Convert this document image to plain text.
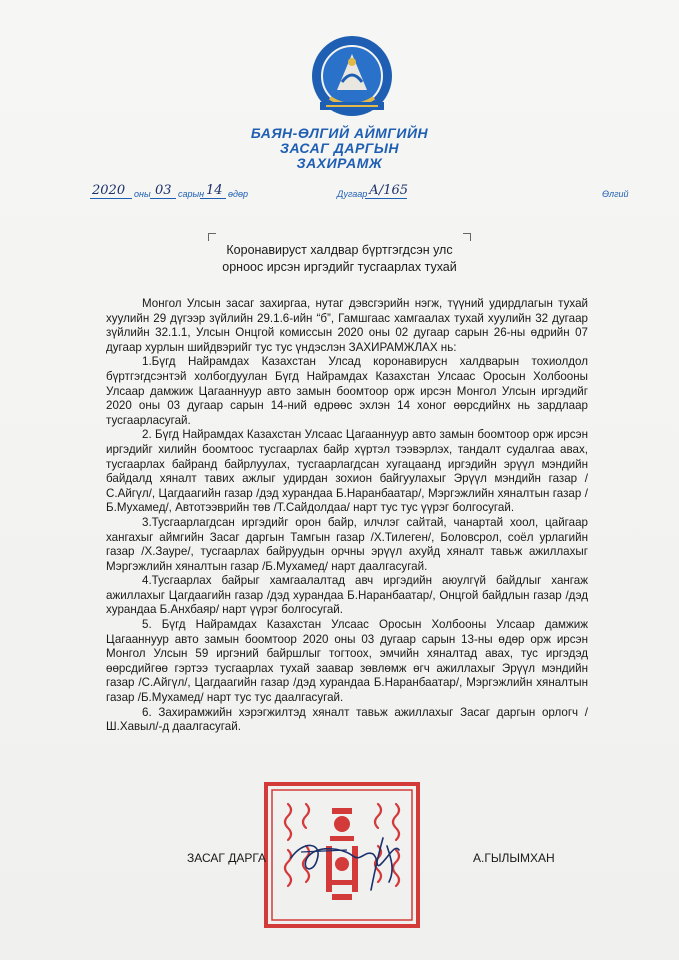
БАЯН-ӨЛГИЙ АЙМГИЙН
ЗАСАГ ДАРГЫН
ЗАХИРАМЖ
2020 оны 03 сарын 14 өдөр	Дугаар А/165	Өлгий
Коронавируст халдвар бүртгэгдсэн улс
орноос ирсэн иргэдийг тусгаарлах тухай

Монгол Улсын засаг захиргаа, нутаг дэвсгэрийн нэгж, түүний удирдлагын тухай хуулийн 29 дүгээр зүйлийн 29.1.6-ийн “б”, Гамшгаас хамгаалах тухай хуулийн 32 дугаар зүйлийн 32.1.1, Улсын Онцгой комиссын 2020 оны 02 дугаар сарын 26-ны өдрийн 07 дугаар хурлын шийдвэрийг тус тус үндэслэн ЗАХИРАМЖЛАХ нь:

1.Бүгд Найрамдах Казахстан Улсад коронавирусн халдварын тохиолдол бүртгэгдсэнтэй холбогдуулан Бүгд Найрамдах Казахстан Улсаас Оросын Холбооны Улсаар дамжиж Цагааннуур авто замын боомтоор орж ирсэн Монгол Улсын иргэдийг 2020 оны 03 дугаар сарын 14-ний өдрөөс эхлэн 14 хоног өөрсдийнх нь зардлаар тусгаарласугай.

2. Бүгд Найрамдах Казахстан Улсаас Цагааннуур авто замын боомтоор орж ирсэн иргэдийг хилийн боомтоос тусгаарлах байр хүртэл тээвэрлэх, тандалт судалгаа авах, тусгаарлах байранд байрлуулах, тусгаарлагдсан хугацаанд иргэдийн эрүүл мэндийн байдалд хяналт тавих ажлыг удирдан зохион байгуулахыг Эрүүл мэндийн газар /С.Айгүл/, Цагдаагийн газар /дэд хурандаа Б.Наранбаатар/, Мэргэжлийн хяналтын газар /Б.Мухамед/, Автотээврийн төв /Т.Сайдолдаа/ нарт тус тус үүрэг болгосугай.

3.Тусгаарлагдсан иргэдийг орон байр, илчлэг сайтай, чанартай хоол, цайгаар хангахыг аймгийн Засаг даргын Тамгын газар /Х.Тилеген/, Боловсрол, соёл урлагийн газар /Х.Зауре/, тусгаарлах байруудын орчны эрүүл ахуйд хяналт тавьж ажиллахыг Мэргэжлийн хяналтын газар /Б.Мухамед/ нарт даалгасугай.

4.Тусгаарлах байрыг хамгаалалтад авч иргэдийн аюулгүй байдлыг хангаж ажиллахыг Цагдаагийн газар /дэд хурандаа Б.Наранбаатар/, Онцгой байдлын газар /дэд хурандаа Б.Анхбаяр/ нарт үүрэг болгосугай.

5. Бүгд Найрамдах Казахстан Улсаас Оросын Холбооны Улсаар дамжиж Цагааннуур авто замын боомтоор 2020 оны 03 дугаар сарын 13-ны өдөр орж ирсэн Монгол Улсын 59 иргэний байршлыг тогтоох, эмчийн хяналтад авах, тус иргэдэд өөрсдийгөө гэртээ тусгаарлах тухай заавар зөвлөмж өгч ажиллахыг Эрүүл мэндийн газар /С.Айгүл/, Цагдаагийн газар /дэд хурандаа Б.Наранбаатар/, Мэргэжлийн хяналтын газар /Б.Мухамед/ нарт тус тус даалгасугай.

6. Захирамжийн хэрэгжилтэд хяналт тавьж ажиллахыг Засаг даргын орлогч /Ш.Хавыл/-д даалгасугай.

ЗАСАГ ДАРГА	А.ГЫЛЫМХАН
